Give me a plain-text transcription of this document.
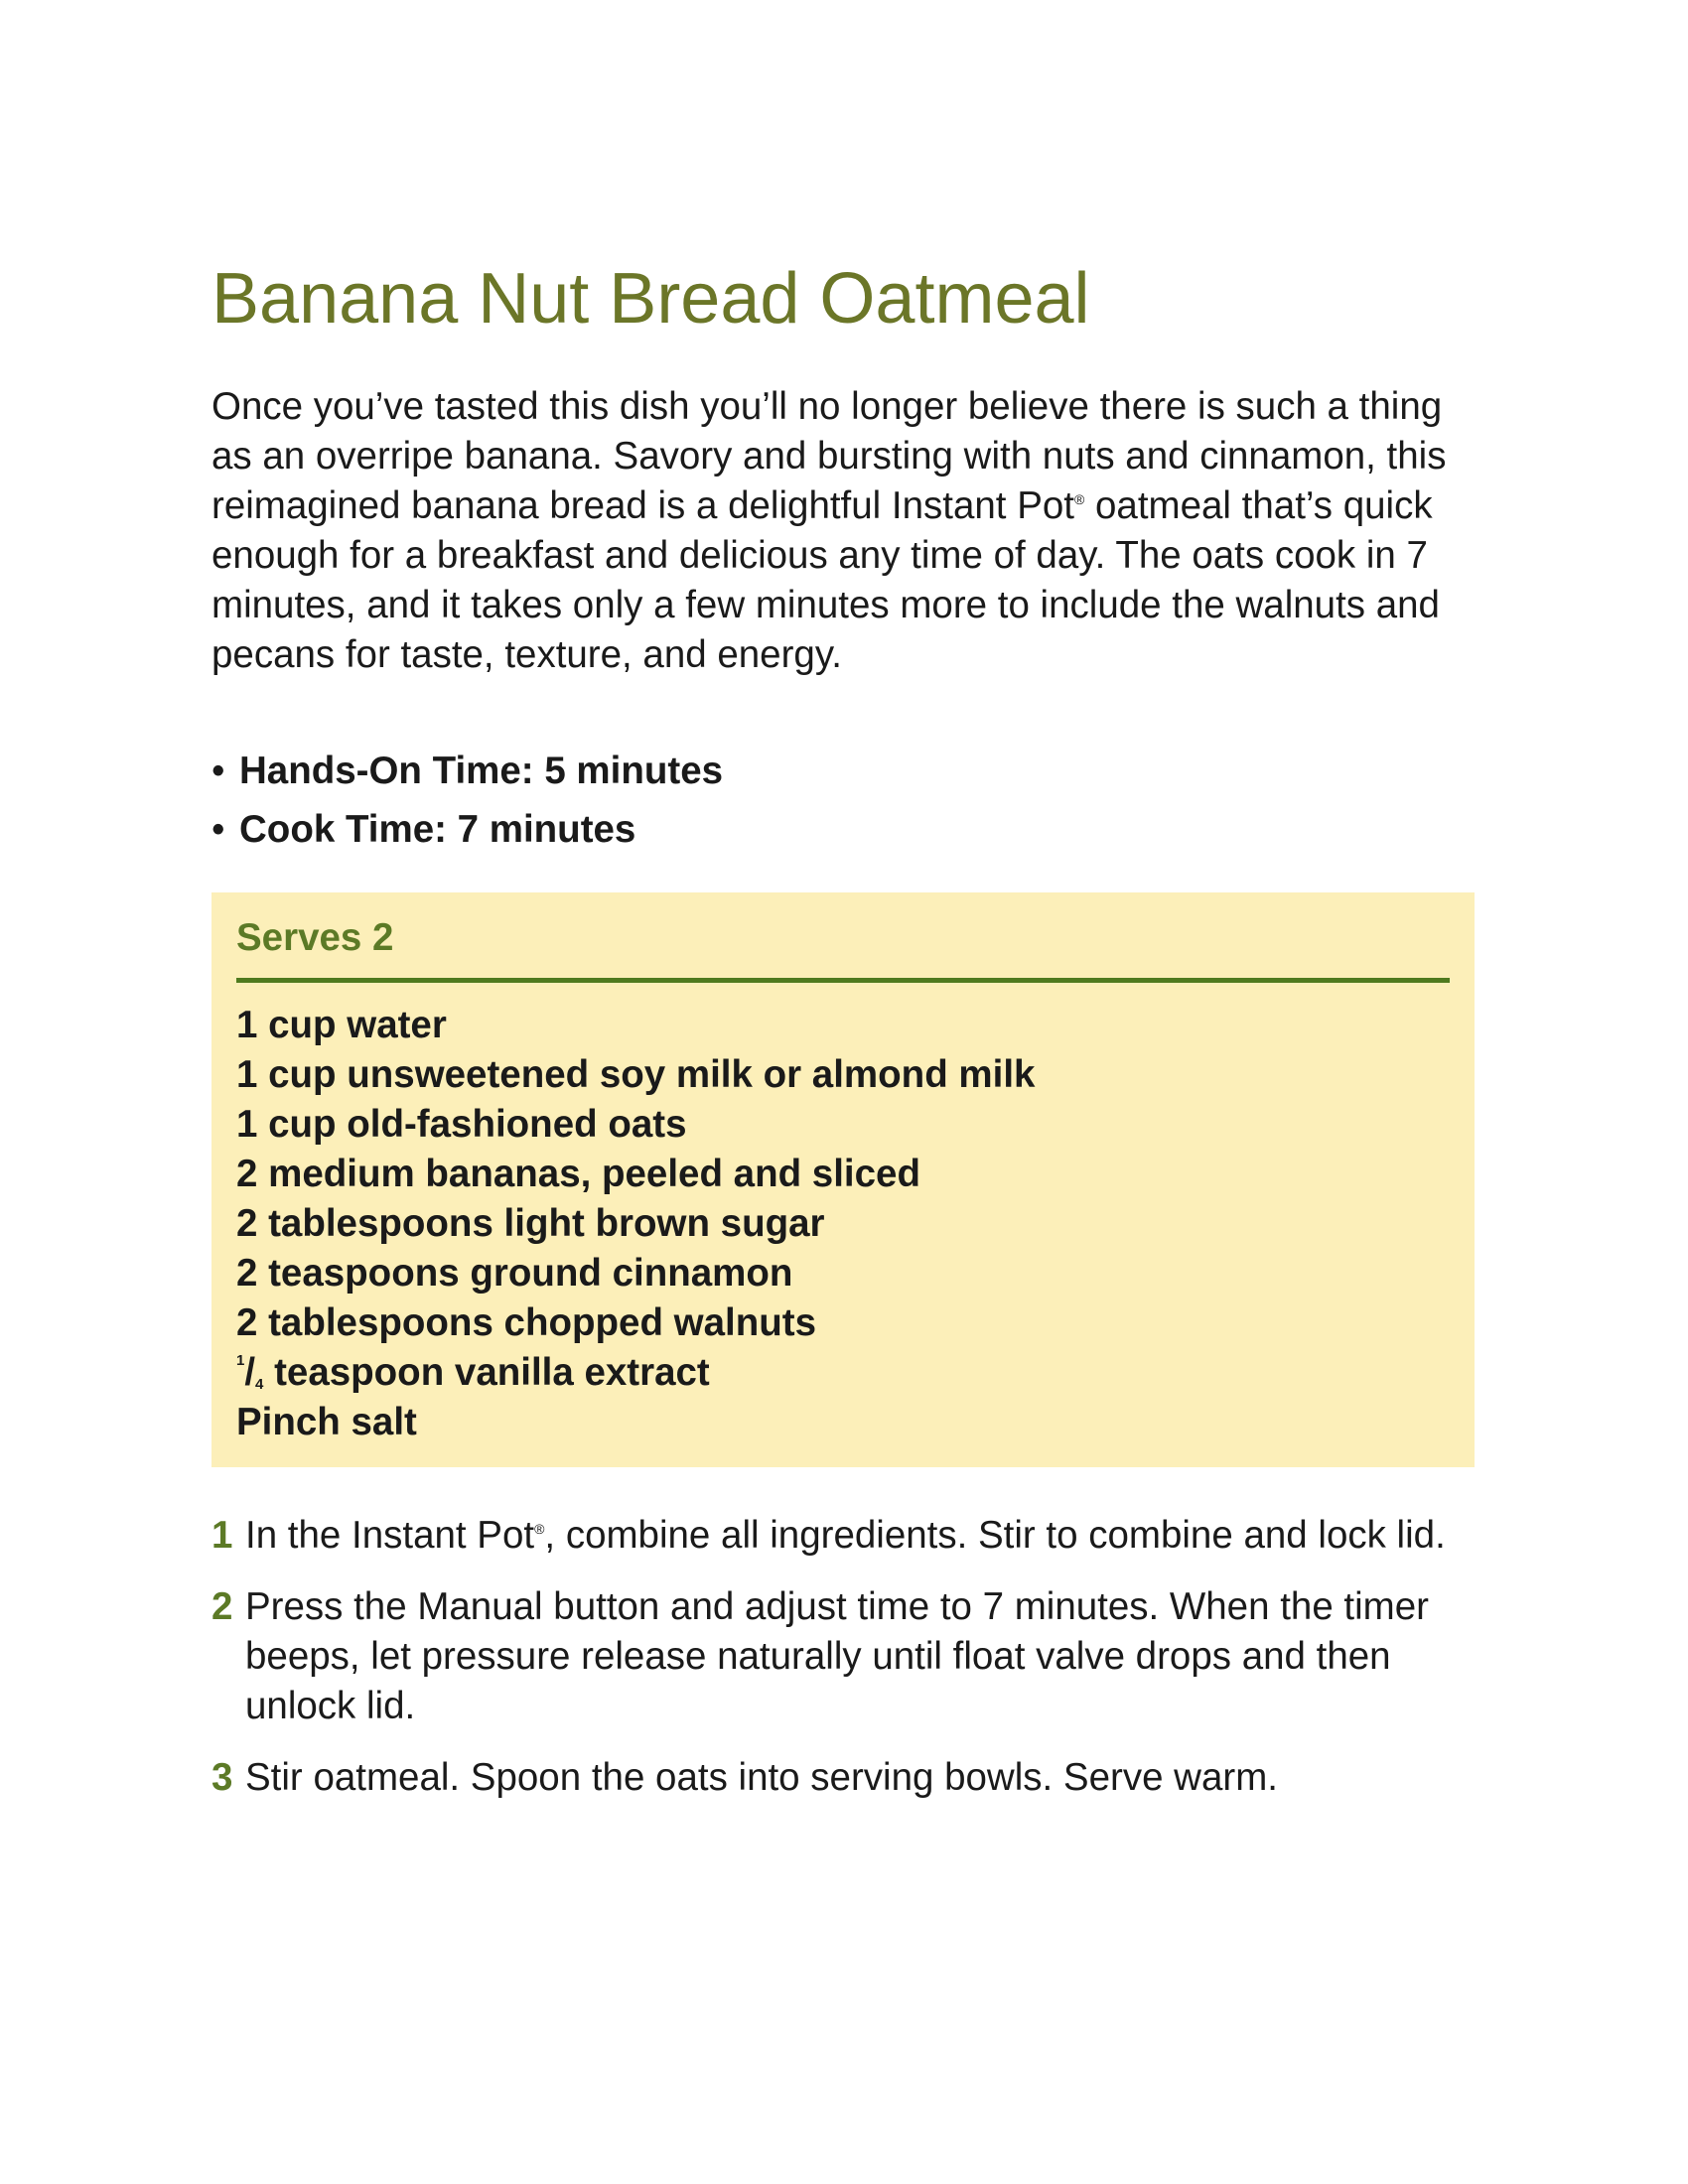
Banana Nut Bread Oatmeal

Once you’ve tasted this dish you’ll no longer believe there is such a thing as an overripe banana. Savory and bursting with nuts and cinnamon, this reimagined banana bread is a delightful Instant Pot® oatmeal that’s quick enough for a breakfast and delicious any time of day. The oats cook in 7 minutes, and it takes only a few minutes more to include the walnuts and pecans for taste, texture, and energy.

• Hands-On Time: 5 minutes
• Cook Time: 7 minutes
Serves 2
1 cup water
1 cup unsweetened soy milk or almond milk
1 cup old-fashioned oats
2 medium bananas, peeled and sliced
2 tablespoons light brown sugar
2 teaspoons ground cinnamon
2 tablespoons chopped walnuts
$^1$/4 teaspoon vanilla extract
Pinch salt
1 In the Instant Pot®, combine all ingredients. Stir to combine and lock lid.
2 Press the Manual button and adjust time to 7 minutes. When the timer beeps, let pressure release naturally until float valve drops and then unlock lid.
3 Stir oatmeal. Spoon the oats into serving bowls. Serve warm.
